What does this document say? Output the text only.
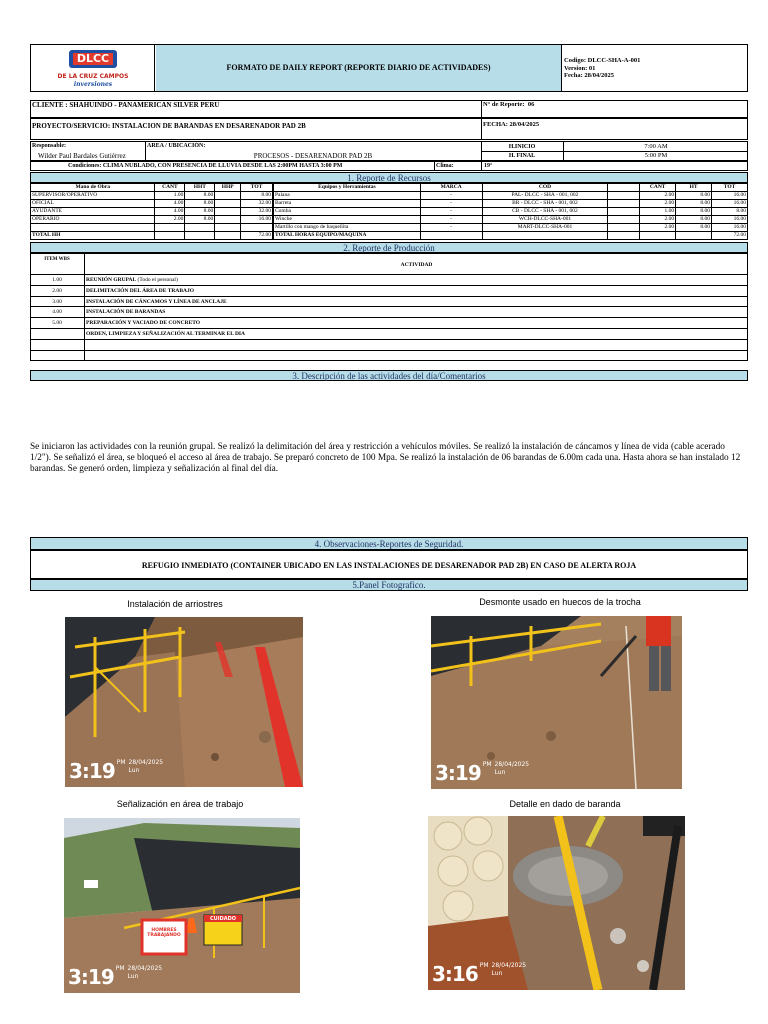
DLCC
DE LA CRUZ CAMPOS
inversiones
FORMATO DE DAILY REPORT (REPORTE DIARIO DE ACTIVIDADES)
Codigo: DLCC-SHA-A-001
Version: 01
Fecha: 28/04/2025
CLIENTE : SHAHUINDO - PANAMERICAN SILVER PERU	N° de Reporte: 06
PROYECTO/SERVICIO: INSTALACION DE BARANDAS EN DESARENADOR PAD 2B	FECHA: 28/04/2025
Responsable:
Wilder Paul Bardales Gutiérrez
AREA / UBICACIÓN:
PROCESOS - DESARENADOR PAD 2B
H.INICIO	7:00 AM
H. FINAL	5:00 PM
Condiciones: CLIMA NUBLADO, CON PRESENCIA DE LLUVIA DESDE LAS 2:00PM HASTA 3:00 PM	Clima:	19°
1. Reporte de Recursos
Mano de Obra	CANT	HHT	HHP	TOT
SUPERVISOR/OPERATIVO	1.00	8.00		8.00
OFICIAL	4.00	8.00		32.00
AYUDANTE	4.00	8.00		32.00
OPERARIO	2.00	8.00		16.00

TOTAL HH				72.00
Equipos y Herramientas	MARCA	COD		CANT	HT	TOT
Palana	-	PAL- DLCC - SHA - 001, 002		2.00	8.00	16.00
Barreta	-	BR - DLCC - SHA - 001, 002		2.00	8.00	16.00
Comba	-	CB - DLCC - SHA - 001, 002		1.00	8.00	8.00
Winche	-	WCH-DLCC-SHA-001		2.00	8.00	16.00
Martillo con mango de baqueilita	-	MART-DLCC-SHA-001		2.00	8.00	16.00
TOTAL HORAS EQUIPO/MAQUINA						72.00
2. Reporte de Producción
ITEM WBS
ACTIVIDAD
1.00	REUNIÓN GRUPAL (Todo el personal)
2.00	DELIMITACIÓN DEL ÁREA DE TRABAJO
3.00	INSTALACIÓN DE CÁNCAMOS Y LÍNEA DE ANCLAJE
4.00	INSTALACIÓN DE BARANDAS
5.00	PREPARACIÓN Y VACIADO DE CONCRETO
ORDEN, LIMPIEZA Y SEÑALIZACIÓN AL TERMINAR EL DIA
3. Descripción de las actividades del día/Comentarios
Se iniciaron las actividades con la reunión grupal. Se realizó la delimitación del área y restricción a vehículos móviles. Se realizó la instalación de cáncamos y línea de vida (cable acerado 1/2"). Se señalizó el área, se bloqueó el acceso al área de trabajo. Se preparó concreto de 100 Mpa. Se realizó la instalación de 06 barandas de 6.00m cada una. Hasta ahora se han instalado 12 barandas. Se generó orden, limpieza y señalización al final del día.
4. Observaciones-Reportes de Seguridad.
REFUGIO INMEDIATO (CONTAINER UBICADO EN LAS INSTALACIONES DE DESARENADOR PAD 2B) EN CASO DE ALERTA ROJA
5.Panel Fotografico.
Instalación de arriostres
3:19 $^{PM}$ 28/04/2025
Lun
Desmonte usado en huecos de la trocha
3:19 $^{PM}$ 28/04/2025
Lun
Señalización en área de trabajo
CUIDADO
HOMBRES TRABAJANDO
3:19 $^{PM}$ 28/04/2025
Lun
Detalle en dado de baranda
3:16 $^{PM}$ 28/04/2025
Lun
